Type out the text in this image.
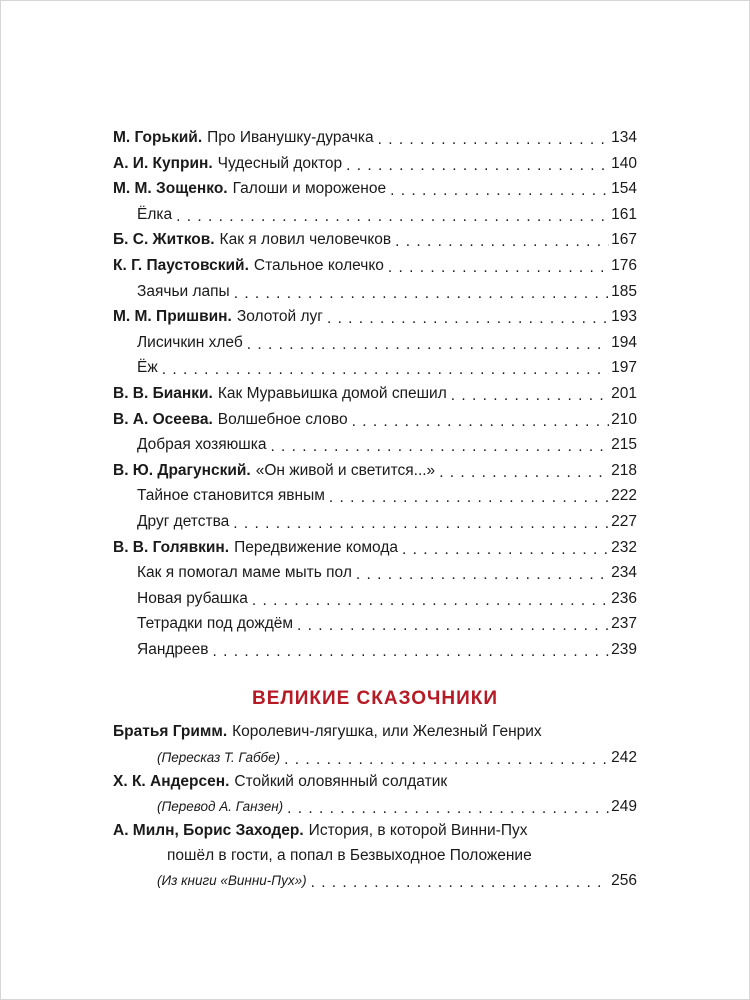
М. Горький. Про Иванушку-дурачка . . .	134
А. И. Куприн. Чудесный доктор . . .	140
М. М. Зощенко. Галоши и мороженое . . .	154
Ёлка . . .	161
Б. С. Житков. Как я ловил человечков . . .	167
К. Г. Паустовский. Стальное колечко . . .	176
Заячьи лапы . . .	185
М. М. Пришвин. Золотой луг . . .	193
Лисичкин хлеб . . .	194
Ёж . . .	197
В. В. Бианки. Как Муравьишка домой спешил . . .	201
В. А. Осеева. Волшебное слово . . .	210
Добрая хозяюшка . . .	215
В. Ю. Драгунский. «Он живой и светится...» . . .	218
Тайное становится явным . . .	222
Друг детства . . .	227
В. В. Голявкин. Передвижение комода . . .	232
Как я помогал маме мыть пол . . .	234
Новая рубашка . . .	236
Тетрадки под дождём . . .	237
Яандреев . . .	239
ВЕЛИКИЕ СКАЗОЧНИКИ
Братья Гримм. Королевич-лягушка, или Железный Генрих
(Пересказ Т. Габбе) . . .	242
Х. К. Андерсен. Стойкий оловянный солдатик
(Перевод А. Ганзен) . . .	249
А. Милн, Борис Заходер. История, в которой Винни-Пух
пошёл в гости, а попал в Безвыходное Положение
(Из книги «Винни-Пух») . . .	256
